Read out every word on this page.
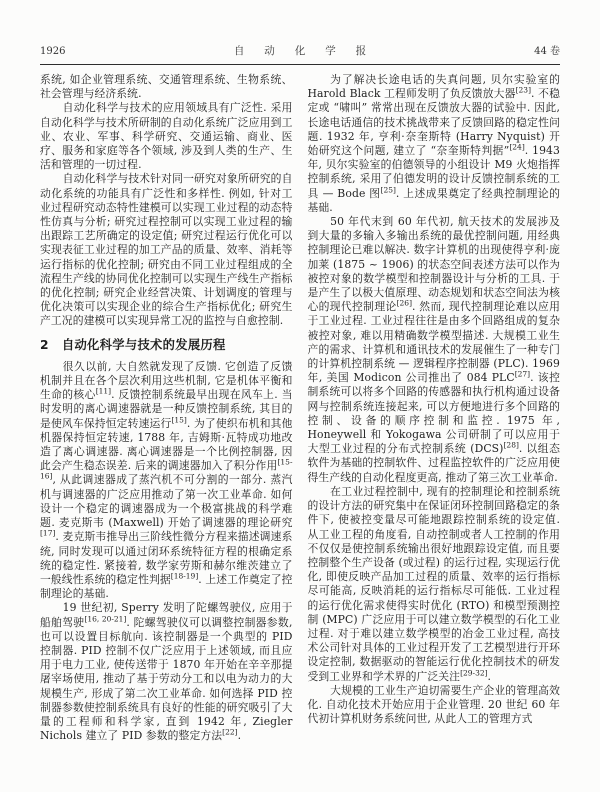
1926	自动化学报	44 卷

系统, 如企业管理系统、交通管理系统、生物系统、社会管理与经济系统.

自动化科学与技术的应用领域具有广泛性. 采用自动化科学与技术所研制的自动化系统广泛应用到工业、农业、军事、科学研究、交通运输、商业、医疗、服务和家庭等各个领域, 涉及到人类的生产、生活和管理的一切过程.

自动化科学与技术针对同一研究对象所研究的自动化系统的功能具有广泛性和多样性. 例如, 针对工业过程研究动态特性建模可以实现工业过程的动态特性仿真与分析; 研究过程控制可以实现工业过程的输出跟踪工艺所确定的设定值; 研究过程运行优化可以实现表征工业过程的加工产品的质量、效率、消耗等运行指标的优化控制; 研究由不同工业过程组成的全流程生产线的协同优化控制可以实现生产线生产指标的优化控制; 研究企业经营决策、计划调度的管理与优化决策可以实现企业的综合生产指标优化; 研究生产工况的建模可以实现异常工况的监控与自愈控制.

2 自动化科学与技术的发展历程

很久以前, 大自然就发现了反馈. 它创造了反馈机制并且在各个层次利用这些机制, 它是机体平衡和生命的核心[11]. 反馈控制系统最早出现在风车上. 当时发明的离心调速器就是一种反馈控制系统, 其目的是使风车保持恒定转速运行[15]. 为了使织布机和其他机器保持恒定转速, 1788 年, 吉姆斯·瓦特成功地改造了离心调速器. 离心调速器是一个比例控制器, 因此会产生稳态误差. 后来的调速器加入了积分作用[15-16], 从此调速器成了蒸汽机不可分割的一部分. 蒸汽机与调速器的广泛应用推动了第一次工业革命. 如何设计一个稳定的调速器成为一个极富挑战的科学难题. 麦克斯韦 (Maxwell) 开始了调速器的理论研究[17]. 麦克斯韦推导出三阶线性微分方程来描述调速系统, 同时发现可以通过闭环系统特征方程的根确定系统的稳定性. 紧接着, 数学家劳斯和赫尔维茨建立了一般线性系统的稳定性判据[18-19]. 上述工作奠定了控制理论的基础.

19 世纪初, Sperry 发明了陀螺驾驶仪, 应用于船舶驾驶[16, 20-21]. 陀螺驾驶仪可以调整控制器参数, 也可以设置目标航向. 该控制器是一个典型的 PID 控制器. PID 控制不仅广泛应用于上述领域, 而且应用于电力工业, 使传送带于 1870 年开始在辛辛那提屠宰场使用, 推动了基于劳动分工和以电为动力的大规模生产, 形成了第二次工业革命. 如何选择 PID 控制器参数使控制系统具有良好的性能的研究吸引了大量的工程师和科学家, 直到 1942 年, Ziegler Nichols 建立了 PID 参数的整定方法[22].

为了解决长途电话的失真问题, 贝尔实验室的 Harold Black 工程师发明了负反馈放大器[23]. 不稳定或 “啸叫” 常常出现在反馈放大器的试验中. 因此, 长途电话通信的技术挑战带来了反馈回路的稳定性问题. 1932 年, 亨利·奈奎斯特 (Harry Nyquist) 开始研究这个问题, 建立了 “奈奎斯特判据”[24]. 1943 年, 贝尔实验室的伯德领导的小组设计 M9 火炮指挥控制系统, 采用了伯德发明的设计反馈控制系统的工具 — Bode 图[25]. 上述成果奠定了经典控制理论的基础.

50 年代末到 60 年代初, 航天技术的发展涉及到大量的多输入多输出系统的最优控制问题, 用经典控制理论已难以解决. 数字计算机的出现使得亨利·庞加莱 (1875 ~ 1906) 的状态空间表述方法可以作为被控对象的数学模型和控制器设计与分析的工具. 于是产生了以极大值原理、动态规划和状态空间法为核心的现代控制理论[26]. 然而, 现代控制理论难以应用于工业过程. 工业过程往往是由多个回路组成的复杂被控对象, 难以用精确数学模型描述. 大规模工业生产的需求、计算机和通讯技术的发展催生了一种专门的计算机控制系统 — 逻辑程序控制器 (PLC). 1969 年, 美国 Modicon 公司推出了 084 PLC[27]. 该控制系统可以将多个回路的传感器和执行机构通过设备网与控制系统连接起来, 可以方便地进行多个回路的控制、设备的顺序控制和监控. 1975 年, Honeywell 和 Yokogawa 公司研制了可以应用于大型工业过程的分布式控制系统 (DCS)[28]. 以组态软件为基础的控制软件、过程监控软件的广泛应用使得生产线的自动化程度更高, 推动了第三次工业革命.

在工业过程控制中, 现有的控制理论和控制系统的设计方法的研究集中在保证闭环控制回路稳定的条件下, 使被控变量尽可能地跟踪控制系统的设定值. 从工业工程的角度看, 自动控制或者人工控制的作用不仅仅是使控制系统输出很好地跟踪设定值, 而且要控制整个生产设备 (或过程) 的运行过程, 实现运行优化, 即使反映产品加工过程的质量、效率的运行指标尽可能高, 反映消耗的运行指标尽可能低. 工业过程的运行优化需求使得实时优化 (RTO) 和模型预测控制 (MPC) 广泛应用于可以建立数学模型的石化工业过程. 对于难以建立数学模型的冶金工业过程, 高技术公司针对具体的工业过程开发了工艺模型进行开环设定控制, 数据驱动的智能运行优化控制技术的研发受到工业界和学术界的广泛关注[29-32].

大规模的工业生产迫切需要生产企业的管理高效化. 自动化技术开始应用于企业管理. 20 世纪 60 年代初计算机财务系统问世, 从此人工的管理方式
